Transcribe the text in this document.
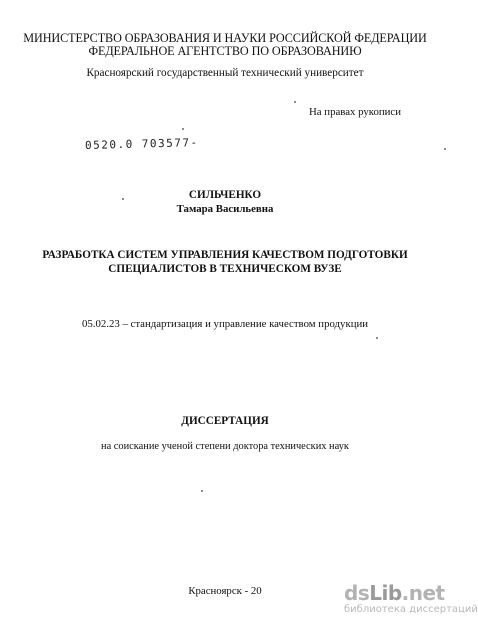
МИНИСТЕРСТВО ОБРАЗОВАНИЯ И НАУКИ РОССИЙСКОЙ ФЕДЕРАЦИИ
ФЕДЕРАЛЬНОЕ АГЕНТСТВО ПО ОБРАЗОВАНИЮ
Красноярский государственный технический университет
На правах рукописи
0520.0 703577-
СИЛЬЧЕНКО
Тамара Васильевна
РАЗРАБОТКА СИСТЕМ УПРАВЛЕНИЯ КАЧЕСТВОМ ПОДГОТОВКИ
СПЕЦИАЛИСТОВ В ТЕХНИЧЕСКОМ ВУЗЕ
05.02.23 – стандартизация и управление качеством продукции
ДИССЕРТАЦИЯ
на соискание ученой степени доктора технических наук
Красноярск - 20	dsLib.net
библиотека диссертаций
